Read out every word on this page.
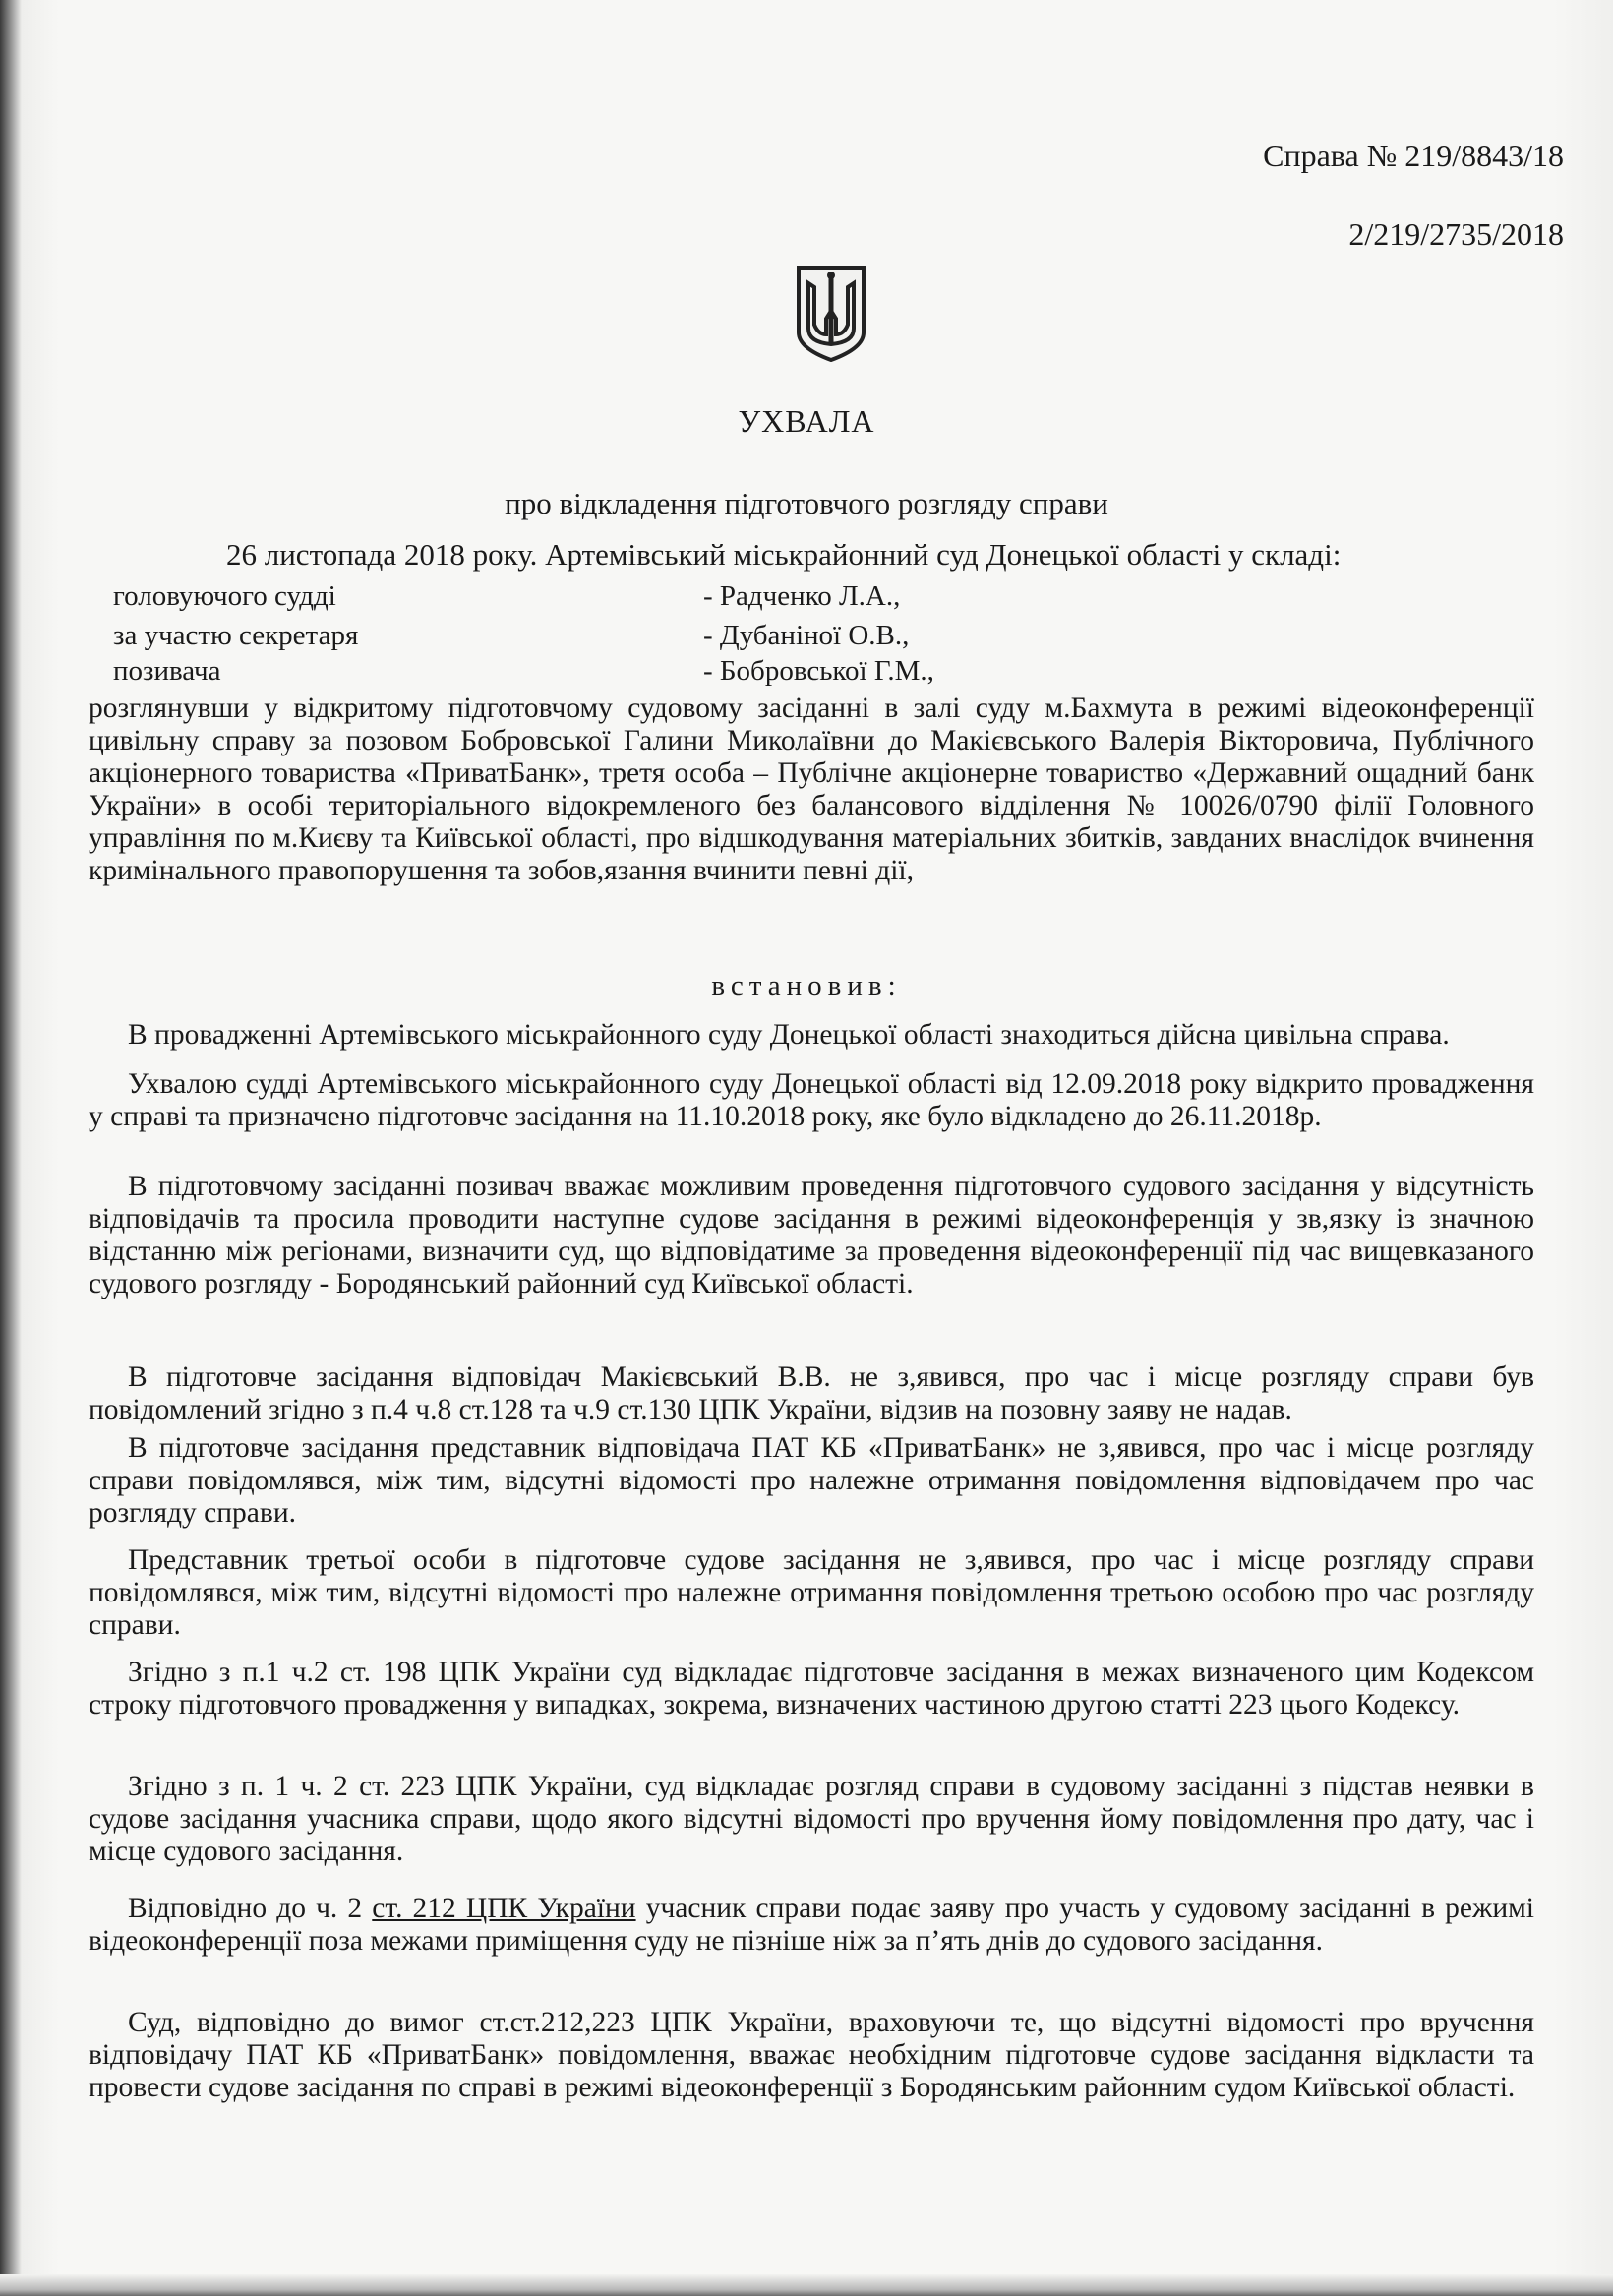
Справа № 219/8843/18
2/219/2735/2018
УХВАЛА
про відкладення підготовчого розгляду справи
26 листопада 2018 року. Артемівський міськрайонний суд Донецької області у складі:
головуючого судді	- Радченко Л.А.,
за участю секретаря	- Дубаніної О.В.,
позивача	- Бобровської Г.М.,
розглянувши у відкритому підготовчому судовому засіданні в залі суду м.Бахмута в режимі відеоконференції цивільну справу за позовом Бобровської Галини Миколаївни до Макієвського Валерія Вікторовича, Публічного акціонерного товариства «ПриватБанк», третя особа – Публічне акціонерне товариство «Державний ощадний банк України» в особі територіального відокремленого без балансового відділення № 10026/0790 філії Головного управління по м.Києву та Київської області, про відшкодування матеріальних збитків, завданих внаслідок вчинення кримінального правопорушення та зобов,язання вчинити певні дії,
встановив:
В провадженні Артемівського міськрайонного суду Донецької області знаходиться дійсна цивільна справа.
Ухвалою судді Артемівського міськрайонного суду Донецької області від 12.09.2018 року відкрито провадження у справі та призначено підготовче засідання на 11.10.2018 року, яке було відкладено до 26.11.2018р.
В підготовчому засіданні позивач вважає можливим проведення підготовчого судового засідання у відсутність відповідачів та просила проводити наступне судове засідання в режимі відеоконференція у зв,язку із значною відстанню між регіонами, визначити суд, що відповідатиме за проведення відеоконференції під час вищевказаного судового розгляду - Бородянський районний суд Київської області.
В підготовче засідання відповідач Макієвський В.В. не з,явився, про час і місце розгляду справи був повідомлений згідно з п.4 ч.8 ст.128 та ч.9 ст.130 ЦПК України, відзив на позовну заяву не надав.
В підготовче засідання представник відповідача ПАТ КБ «ПриватБанк» не з,явився, про час і місце розгляду справи повідомлявся, між тим, відсутні відомості про належне отримання повідомлення відповідачем про час розгляду справи.
Представник третьої особи в підготовче судове засідання не з,явився, про час і місце розгляду справи повідомлявся, між тим, відсутні відомості про належне отримання повідомлення третьою особою про час розгляду справи.
Згідно з п.1 ч.2 ст. 198 ЦПК України суд відкладає підготовче засідання в межах визначеного цим Кодексом строку підготовчого провадження у випадках, зокрема, визначених частиною другою статті 223 цього Кодексу.
Згідно з п. 1 ч. 2 ст. 223 ЦПК України, суд відкладає розгляд справи в судовому засіданні з підстав неявки в судове засідання учасника справи, щодо якого відсутні відомості про вручення йому повідомлення про дату, час і місце судового засідання.
Відповідно до ч. 2 ст. 212 ЦПК України учасник справи подає заяву про участь у судовому засіданні в режимі відеоконференції поза межами приміщення суду не пізніше ніж за п’ять днів до судового засідання.
Суд, відповідно до вимог ст.ст.212,223 ЦПК України, враховуючи те, що відсутні відомості про вручення відповідачу ПАТ КБ «ПриватБанк» повідомлення, вважає необхідним підготовче судове засідання відкласти та провести судове засідання по справі в режимі відеоконференції з Бородянським районним судом Київської області.
